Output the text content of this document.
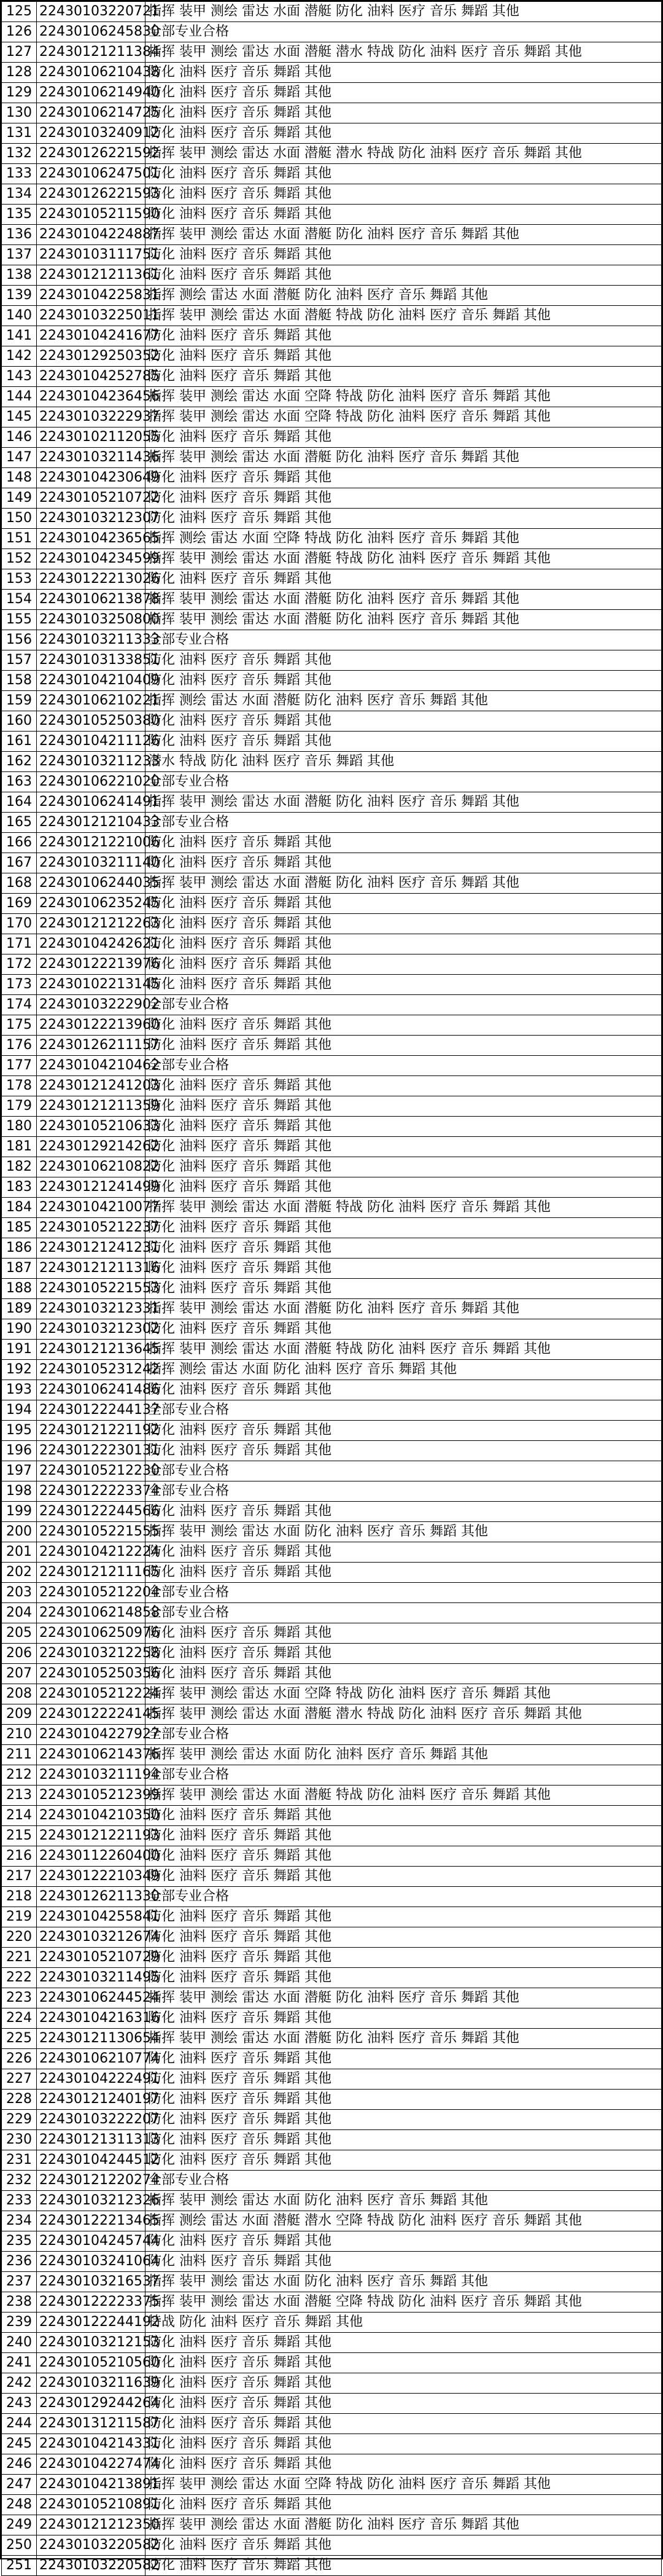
125	22430103220721	指挥 装甲 测绘 雷达 水面 潜艇 防化 油料 医疗 音乐 舞蹈 其他
126	22430106245830	全部专业合格
127	22430121211384	指挥 装甲 测绘 雷达 水面 潜艇 潜水 特战 防化 油料 医疗 音乐 舞蹈 其他
128	22430106210438	防化 油料 医疗 音乐 舞蹈 其他
129	22430106214940	防化 油料 医疗 音乐 舞蹈 其他
130	22430106214725	防化 油料 医疗 音乐 舞蹈 其他
131	22430103240912	防化 油料 医疗 音乐 舞蹈 其他
132	22430126221592	指挥 装甲 测绘 雷达 水面 潜艇 潜水 特战 防化 油料 医疗 音乐 舞蹈 其他
133	22430106247501	防化 油料 医疗 音乐 舞蹈 其他
134	22430126221593	防化 油料 医疗 音乐 舞蹈 其他
135	22430105211590	防化 油料 医疗 音乐 舞蹈 其他
136	22430104224887	指挥 装甲 测绘 雷达 水面 潜艇 防化 油料 医疗 音乐 舞蹈 其他
137	22430103111751	防化 油料 医疗 音乐 舞蹈 其他
138	22430121211361	防化 油料 医疗 音乐 舞蹈 其他
139	22430104225831	指挥 测绘 雷达 水面 潜艇 防化 油料 医疗 音乐 舞蹈 其他
140	22430103225011	指挥 装甲 测绘 雷达 水面 潜艇 特战 防化 油料 医疗 音乐 舞蹈 其他
141	22430104241677	防化 油料 医疗 音乐 舞蹈 其他
142	22430129250352	防化 油料 医疗 音乐 舞蹈 其他
143	22430104252785	防化 油料 医疗 音乐 舞蹈 其他
144	22430104236456	指挥 装甲 测绘 雷达 水面 空降 特战 防化 油料 医疗 音乐 舞蹈 其他
145	22430103222937	指挥 装甲 测绘 雷达 水面 空降 特战 防化 油料 医疗 音乐 舞蹈 其他
146	22430102112055	防化 油料 医疗 音乐 舞蹈 其他
147	22430103211436	指挥 装甲 测绘 雷达 水面 潜艇 防化 油料 医疗 音乐 舞蹈 其他
148	22430104230649	防化 油料 医疗 音乐 舞蹈 其他
149	22430105210722	防化 油料 医疗 音乐 舞蹈 其他
150	22430103212307	防化 油料 医疗 音乐 舞蹈 其他
151	22430104236565	指挥 测绘 雷达 水面 空降 特战 防化 油料 医疗 音乐 舞蹈 其他
152	22430104234599	指挥 装甲 测绘 雷达 水面 潜艇 特战 防化 油料 医疗 音乐 舞蹈 其他
153	22430122213026	防化 油料 医疗 音乐 舞蹈 其他
154	22430106213878	指挥 装甲 测绘 雷达 水面 潜艇 防化 油料 医疗 音乐 舞蹈 其他
155	22430103250800	指挥 装甲 测绘 雷达 水面 潜艇 防化 油料 医疗 音乐 舞蹈 其他
156	22430103211333	全部专业合格
157	22430103133851	防化 油料 医疗 音乐 舞蹈 其他
158	22430104210409	防化 油料 医疗 音乐 舞蹈 其他
159	22430106210221	指挥 测绘 雷达 水面 潜艇 防化 油料 医疗 音乐 舞蹈 其他
160	22430105250380	防化 油料 医疗 音乐 舞蹈 其他
161	22430104211126	防化 油料 医疗 音乐 舞蹈 其他
162	22430103211233	潜水 特战 防化 油料 医疗 音乐 舞蹈 其他
163	22430106221020	全部专业合格
164	22430106241491	指挥 装甲 测绘 雷达 水面 潜艇 防化 油料 医疗 音乐 舞蹈 其他
165	22430121210433	全部专业合格
166	22430121221006	防化 油料 医疗 音乐 舞蹈 其他
167	22430103211140	防化 油料 医疗 音乐 舞蹈 其他
168	22430106244035	指挥 装甲 测绘 雷达 水面 潜艇 防化 油料 医疗 音乐 舞蹈 其他
169	22430106235245	防化 油料 医疗 音乐 舞蹈 其他
170	22430121212263	防化 油料 医疗 音乐 舞蹈 其他
171	22430104242621	防化 油料 医疗 音乐 舞蹈 其他
172	22430122213976	防化 油料 医疗 音乐 舞蹈 其他
173	22430102213145	防化 油料 医疗 音乐 舞蹈 其他
174	22430103222902	全部专业合格
175	22430122213960	防化 油料 医疗 音乐 舞蹈 其他
176	22430126211157	防化 油料 医疗 音乐 舞蹈 其他
177	22430104210462	全部专业合格
178	22430121241203	防化 油料 医疗 音乐 舞蹈 其他
179	22430121211359	防化 油料 医疗 音乐 舞蹈 其他
180	22430105210633	防化 油料 医疗 音乐 舞蹈 其他
181	22430129214262	防化 油料 医疗 音乐 舞蹈 其他
182	22430106210822	防化 油料 医疗 音乐 舞蹈 其他
183	22430121241499	防化 油料 医疗 音乐 舞蹈 其他
184	22430104210077	指挥 装甲 测绘 雷达 水面 潜艇 特战 防化 油料 医疗 音乐 舞蹈 其他
185	22430105212237	防化 油料 医疗 音乐 舞蹈 其他
186	22430121241231	防化 油料 医疗 音乐 舞蹈 其他
187	22430121211316	防化 油料 医疗 音乐 舞蹈 其他
188	22430105221553	防化 油料 医疗 音乐 舞蹈 其他
189	22430103212331	指挥 装甲 测绘 雷达 水面 潜艇 防化 油料 医疗 音乐 舞蹈 其他
190	22430103212302	防化 油料 医疗 音乐 舞蹈 其他
191	22430121213645	指挥 装甲 测绘 雷达 水面 潜艇 特战 防化 油料 医疗 音乐 舞蹈 其他
192	22430105231242	指挥 测绘 雷达 水面 防化 油料 医疗 音乐 舞蹈 其他
193	22430106241486	防化 油料 医疗 音乐 舞蹈 其他
194	22430122244137	全部专业合格
195	22430121221192	防化 油料 医疗 音乐 舞蹈 其他
196	22430122230131	防化 油料 医疗 音乐 舞蹈 其他
197	22430105212230	全部专业合格
198	22430122223374	全部专业合格
199	22430122244566	防化 油料 医疗 音乐 舞蹈 其他
200	22430105221555	指挥 装甲 测绘 雷达 水面 防化 油料 医疗 音乐 舞蹈 其他
201	22430104212224	防化 油料 医疗 音乐 舞蹈 其他
202	22430121211165	防化 油料 医疗 音乐 舞蹈 其他
203	22430105212204	全部专业合格
204	22430106214858	全部专业合格
205	22430106250976	防化 油料 医疗 音乐 舞蹈 其他
206	22430103212258	防化 油料 医疗 音乐 舞蹈 其他
207	22430105250356	防化 油料 医疗 音乐 舞蹈 其他
208	22430105212224	指挥 装甲 测绘 雷达 水面 空降 特战 防化 油料 医疗 音乐 舞蹈 其他
209	22430122224145	指挥 装甲 测绘 雷达 水面 潜艇 潜水 特战 防化 油料 医疗 音乐 舞蹈 其他
210	22430104227927	全部专业合格
211	22430106214376	指挥 装甲 测绘 雷达 水面 防化 油料 医疗 音乐 舞蹈 其他
212	22430103211194	全部专业合格
213	22430105212399	指挥 装甲 测绘 雷达 水面 潜艇 特战 防化 油料 医疗 音乐 舞蹈 其他
214	22430104210350	防化 油料 医疗 音乐 舞蹈 其他
215	22430121221193	防化 油料 医疗 音乐 舞蹈 其他
216	22430112260400	防化 油料 医疗 音乐 舞蹈 其他
217	22430122210349	防化 油料 医疗 音乐 舞蹈 其他
218	22430126211330	全部专业合格
219	22430104255841	防化 油料 医疗 音乐 舞蹈 其他
220	22430103212674	防化 油料 医疗 音乐 舞蹈 其他
221	22430105210729	防化 油料 医疗 音乐 舞蹈 其他
222	22430103211495	防化 油料 医疗 音乐 舞蹈 其他
223	22430106244524	指挥 装甲 测绘 雷达 水面 潜艇 防化 油料 医疗 音乐 舞蹈 其他
224	22430104216316	防化 油料 医疗 音乐 舞蹈 其他
225	22430121130654	指挥 装甲 测绘 雷达 水面 潜艇 防化 油料 医疗 音乐 舞蹈 其他
226	22430106210774	防化 油料 医疗 音乐 舞蹈 其他
227	22430104222491	防化 油料 医疗 音乐 舞蹈 其他
228	22430121240197	防化 油料 医疗 音乐 舞蹈 其他
229	22430103222207	防化 油料 医疗 音乐 舞蹈 其他
230	22430121311313	防化 油料 医疗 音乐 舞蹈 其他
231	22430104244512	防化 油料 医疗 音乐 舞蹈 其他
232	22430121220274	全部专业合格
233	22430103212326	指挥 装甲 测绘 雷达 水面 防化 油料 医疗 音乐 舞蹈 其他
234	22430122213465	指挥 测绘 雷达 水面 潜艇 潜水 空降 特战 防化 油料 医疗 音乐 舞蹈 其他
235	22430104245744	防化 油料 医疗 音乐 舞蹈 其他
236	22430103241064	防化 油料 医疗 音乐 舞蹈 其他
237	22430103216537	指挥 装甲 测绘 雷达 水面 防化 油料 医疗 音乐 舞蹈 其他
238	22430122223375	指挥 装甲 测绘 雷达 水面 潜艇 空降 特战 防化 油料 医疗 音乐 舞蹈 其他
239	22430122244192	特战 防化 油料 医疗 音乐 舞蹈 其他
240	22430103212153	防化 油料 医疗 音乐 舞蹈 其他
241	22430105210560	防化 油料 医疗 音乐 舞蹈 其他
242	22430103211639	防化 油料 医疗 音乐 舞蹈 其他
243	22430129244264	防化 油料 医疗 音乐 舞蹈 其他
244	22430131211587	防化 油料 医疗 音乐 舞蹈 其他
245	22430104214331	防化 油料 医疗 音乐 舞蹈 其他
246	22430104227474	防化 油料 医疗 音乐 舞蹈 其他
247	22430104213891	指挥 装甲 测绘 雷达 水面 空降 特战 防化 油料 医疗 音乐 舞蹈 其他
248	22430105210891	防化 油料 医疗 音乐 舞蹈 其他
249	22430121212350	指挥 装甲 测绘 雷达 水面 潜艇 防化 油料 医疗 音乐 舞蹈 其他
250	22430103220582	防化 油料 医疗 音乐 舞蹈 其他
251	22430103220582	防化 油料 医疗 音乐 舞蹈 其他
